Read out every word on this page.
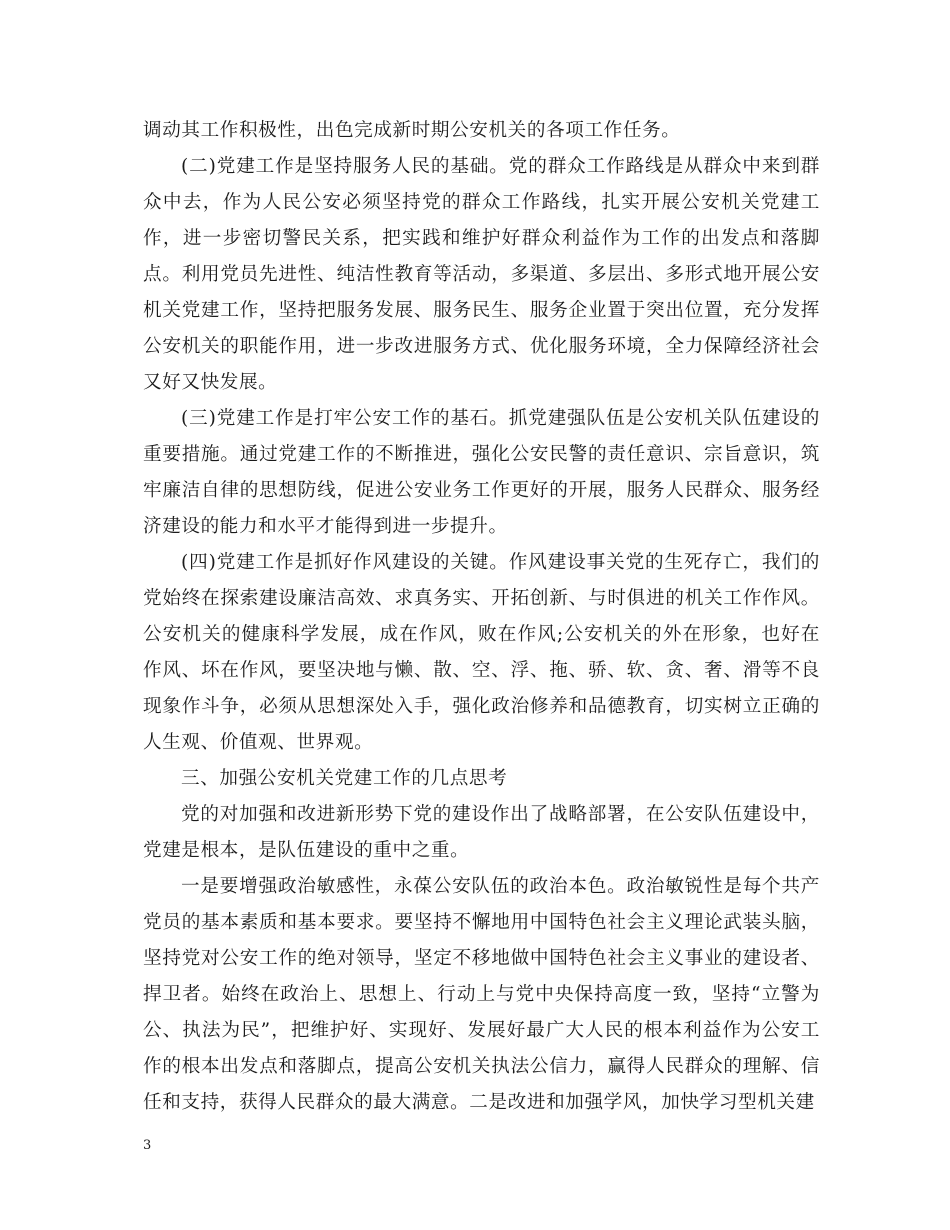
调动其工作积极性，出色完成新时期公安机关的各项工作任务。

(二)党建工作是坚持服务人民的基础。党的群众工作路线是从群众中来到群众中去，作为人民公安必须坚持党的群众工作路线，扎实开展公安机关党建工作，进一步密切警民关系，把实践和维护好群众利益作为工作的出发点和落脚点。利用党员先进性、纯洁性教育等活动，多渠道、多层出、多形式地开展公安机关党建工作，坚持把服务发展、服务民生、服务企业置于突出位置，充分发挥公安机关的职能作用，进一步改进服务方式、优化服务环境，全力保障经济社会又好又快发展。

(三)党建工作是打牢公安工作的基石。抓党建强队伍是公安机关队伍建设的重要措施。通过党建工作的不断推进，强化公安民警的责任意识、宗旨意识，筑牢廉洁自律的思想防线，促进公安业务工作更好的开展，服务人民群众、服务经济建设的能力和水平才能得到进一步提升。

(四)党建工作是抓好作风建设的关键。作风建设事关党的生死存亡，我们的党始终在探索建设廉洁高效、求真务实、开拓创新、与时俱进的机关工作作风。公安机关的健康科学发展，成在作风，败在作风;公安机关的外在形象，也好在作风、坏在作风，要坚决地与懒、散、空、浮、拖、骄、软、贪、奢、滑等不良现象作斗争，必须从思想深处入手，强化政治修养和品德教育，切实树立正确的人生观、价值观、世界观。

三、加强公安机关党建工作的几点思考

党的对加强和改进新形势下党的建设作出了战略部署，在公安队伍建设中，党建是根本，是队伍建设的重中之重。

一是要增强政治敏感性，永葆公安队伍的政治本色。政治敏锐性是每个共产党员的基本素质和基本要求。要坚持不懈地用中国特色社会主义理论武装头脑，坚持党对公安工作的绝对领导，坚定不移地做中国特色社会主义事业的建设者、捍卫者。始终在政治上、思想上、行动上与党中央保持高度一致，坚持“立警为公、执法为民”，把维护好、实现好、发展好最广大人民的根本利益作为公安工作的根本出发点和落脚点，提高公安机关执法公信力，赢得人民群众的理解、信任和支持，获得人民群众的最大满意。二是改进和加强学风，加快学习型机关建

3
